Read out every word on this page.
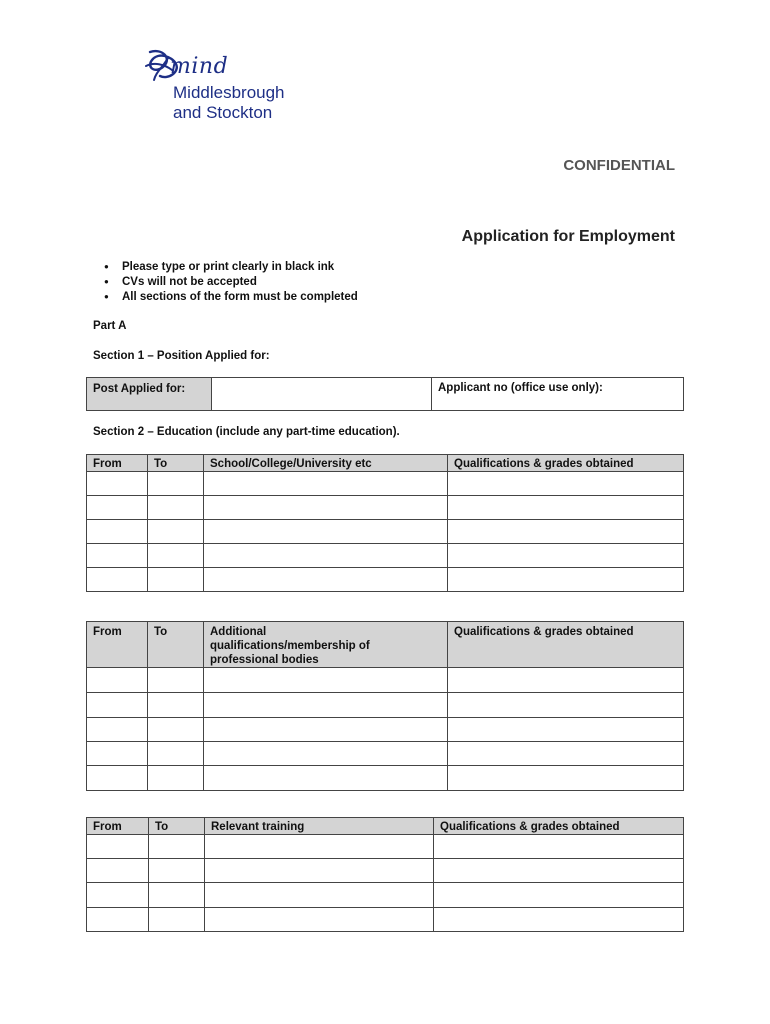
mind
Middlesbrough
and Stockton
CONFIDENTIAL
Application for Employment
● Please type or print clearly in black ink
● CVs will not be accepted
● All sections of the form must be completed
Part A
Section 1 – Position Applied for:
Post Applied for:		Applicant no (office use only):
Section 2 – Education (include any part-time education).
From	To	School/College/University etc	Qualifications & grades obtained

From	To	Additional qualifications/membership of professional bodies	Qualifications & grades obtained

From	To	Relevant training	Qualifications & grades obtained
